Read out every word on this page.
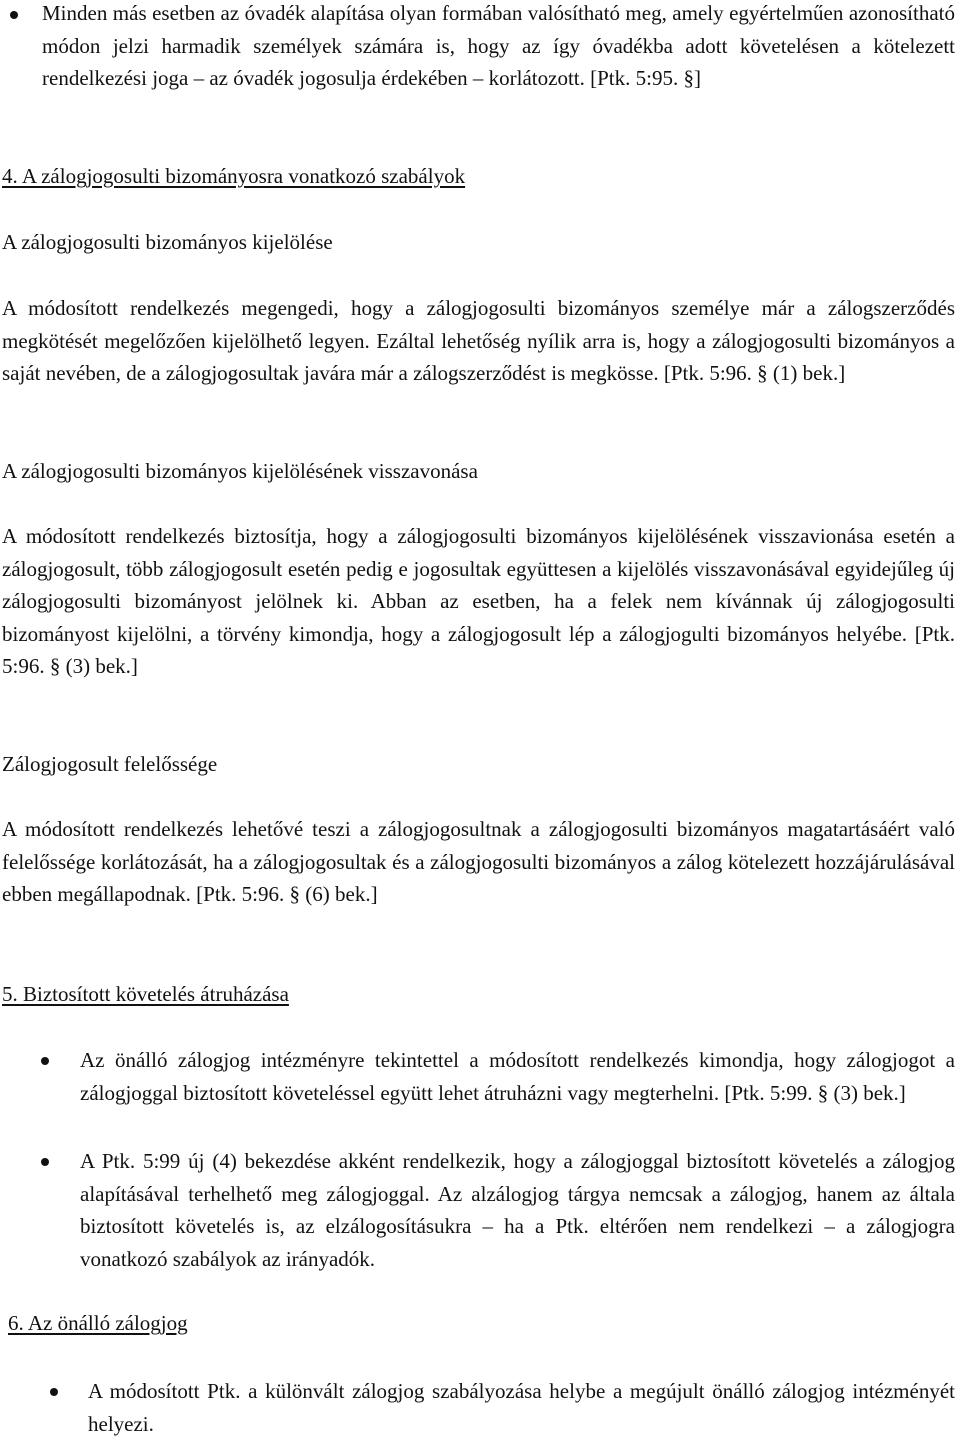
Minden más esetben az óvadék alapítása olyan formában valósítható meg, amely egyértelműen azonosítható módon jelzi harmadik személyek számára is, hogy az így óvadékba adott követelésen a kötelezett rendelkezési joga – az óvadék jogosulja érdekében – korlátozott. [Ptk. 5:95. §]

4. A zálogjogosulti bizományosra vonatkozó szabályok

A zálogjogosulti bizományos kijelölése

A módosított rendelkezés megengedi, hogy a zálogjogosulti bizományos személye már a zálogszerződés megkötését megelőzően kijelölhető legyen. Ezáltal lehetőség nyílik arra is, hogy a zálogjogosulti bizományos a saját nevében, de a zálogjogosultak javára már a zálogszerződést is megkösse. [Ptk. 5:96. § (1) bek.]

A zálogjogosulti bizományos kijelölésének visszavonása

A módosított rendelkezés biztosítja, hogy a zálogjogosulti bizományos kijelölésének visszavionása esetén a zálogjogosult, több zálogjogosult esetén pedig e jogosultak együttesen a kijelölés visszavonásával egyidejűleg új zálogjogosulti bizományost jelölnek ki. Abban az esetben, ha a felek nem kívánnak új zálogjogosulti bizományost kijelölni, a törvény kimondja, hogy a zálogjogosult lép a zálogjogulti bizományos helyébe. [Ptk. 5:96. § (3) bek.]

Zálogjogosult felelőssége

A módosított rendelkezés lehetővé teszi a zálogjogosultnak a zálogjogosulti bizományos magatartásáért való felelőssége korlátozását, ha a zálogjogosultak és a zálogjogosulti bizományos a zálog kötelezett hozzájárulásával ebben megállapodnak. [Ptk. 5:96. § (6) bek.]

5. Biztosított követelés átruházása

Az önálló zálogjog intézményre tekintettel a módosított rendelkezés kimondja, hogy zálogjogot a zálogjoggal biztosított követeléssel együtt lehet átruházni vagy megterhelni. [Ptk. 5:99. § (3) bek.]

A Ptk. 5:99 új (4) bekezdése akként rendelkezik, hogy a zálogjoggal biztosított követelés a zálogjog alapításával terhelhető meg zálogjoggal. Az alzálogjog tárgya nemcsak a zálogjog, hanem az általa biztosított követelés is, az elzálogosításukra – ha a Ptk. eltérően nem rendelkezi – a zálogjogra vonatkozó szabályok az irányadók.

6. Az önálló zálogjog

A módosított Ptk. a különvált zálogjog szabályozása helybe a megújult önálló zálogjog intézményét helyezi.
